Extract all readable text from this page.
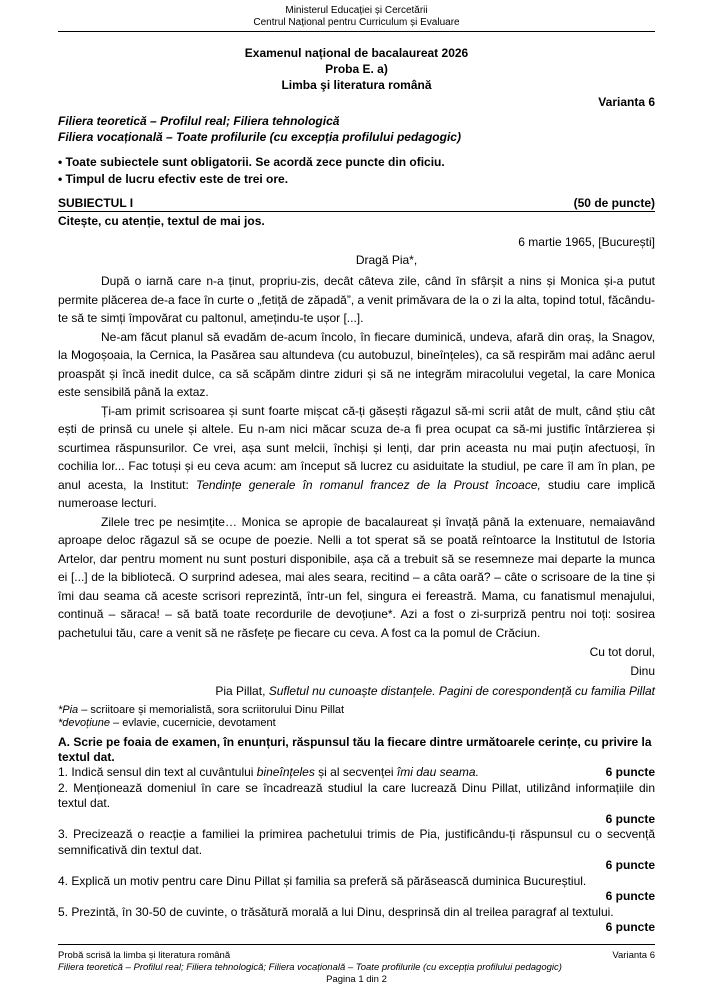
Ministerul Educației și Cercetării
Centrul Național pentru Curriculum și Evaluare
Examenul național de bacalaureat 2026
Proba E. a)
Limba şi literatura română
Varianta 6
Filiera teoretică – Profilul real; Filiera tehnologică
Filiera vocațională – Toate profilurile (cu excepția profilului pedagogic)
• Toate subiectele sunt obligatorii. Se acordă zece puncte din oficiu.
• Timpul de lucru efectiv este de trei ore.
SUBIECTUL I	(50 de puncte)
Citește, cu atenție, textul de mai jos.
6 martie 1965, [București]
Dragă Pia*,

După o iarnă care n-a ținut, propriu-zis, decât câteva zile, când în sfârșit a nins și Monica și-a putut permite plăcerea de-a face în curte o „fetiță de zăpadă”, a venit primăvara de la o zi la alta, topind totul, făcându-te să te simți împovărat cu paltonul, amețindu-te ușor [...].

Ne-am făcut planul să evadăm de-acum încolo, în fiecare duminică, undeva, afară din oraș, la Snagov, la Mogoșoaia, la Cernica, la Pasărea sau altundeva (cu autobuzul, bineînțeles), ca să respirăm mai adânc aerul proaspăt și încă inedit dulce, ca să scăpăm dintre ziduri și să ne integrăm miracolului vegetal, la care Monica este sensibilă până la extaz.

Ți-am primit scrisoarea și sunt foarte mișcat că-ți găsești răgazul să-mi scrii atât de mult, când știu cât ești de prinsă cu unele și altele. Eu n-am nici măcar scuza de-a fi prea ocupat ca să-mi justific întârzierea și scurtimea răspunsurilor. Ce vrei, așa sunt melcii, închiși și lenți, dar prin aceasta nu mai puțin afectuoși, în cochilia lor... Fac totuși și eu ceva acum: am început să lucrez cu asiduitate la studiul, pe care îl am în plan, pe anul acesta, la Institut: Tendințe generale în romanul francez de la Proust încoace, studiu care implică numeroase lecturi.

Zilele trec pe nesimțite… Monica se apropie de bacalaureat și învață până la extenuare, nemaiavând aproape deloc răgazul să se ocupe de poezie. Nelli a tot sperat să se poată reîntoarce la Institutul de Istoria Artelor, dar pentru moment nu sunt posturi disponibile, așa că a trebuit să se resemneze mai departe la munca ei [...] de la bibliotecă. O surprind adesea, mai ales seara, recitind – a câta oară? – câte o scrisoare de la tine și îmi dau seama că aceste scrisori reprezintă, într-un fel, singura ei fereastră. Mama, cu fanatismul menajului, continuă – săraca! – să bată toate recordurile de devoțiune*. Azi a fost o zi-surpriză pentru noi toți: sosirea pachetului tău, care a venit să ne răsfețe pe fiecare cu ceva. A fost ca la pomul de Crăciun.

Cu tot dorul,
Dinu
Pia Pillat, Sufletul nu cunoaște distanțele. Pagini de corespondență cu familia Pillat
*Pia – scriitoare și memorialistă, sora scriitorului Dinu Pillat
*devoțiune – evlavie, cucernicie, devotament
A. Scrie pe foaia de examen, în enunțuri, răspunsul tău la fiecare dintre următoarele cerințe, cu privire la textul dat.
1. Indică sensul din text al cuvântului bineînțeles și al secvenței îmi dau seama.	6 puncte
2. Menționează domeniul în care se încadrează studiul la care lucrează Dinu Pillat, utilizând informațiile din textul dat.
6 puncte
3. Precizează o reacție a familiei la primirea pachetului trimis de Pia, justificându-ți răspunsul cu o secvență semnificativă din textul dat.
6 puncte
4. Explică un motiv pentru care Dinu Pillat și familia sa preferă să părăsească duminica Bucureștiul.
6 puncte
5. Prezintă, în 30-50 de cuvinte, o trăsătură morală a lui Dinu, desprinsă din al treilea paragraf al textului.
6 puncte
Probă scrisă la limba și literatura română	Varianta 6
Filiera teoretică – Profilul real; Filiera tehnologică; Filiera vocațională – Toate profilurile (cu excepția profilului pedagogic)
Pagina 1 din 2
